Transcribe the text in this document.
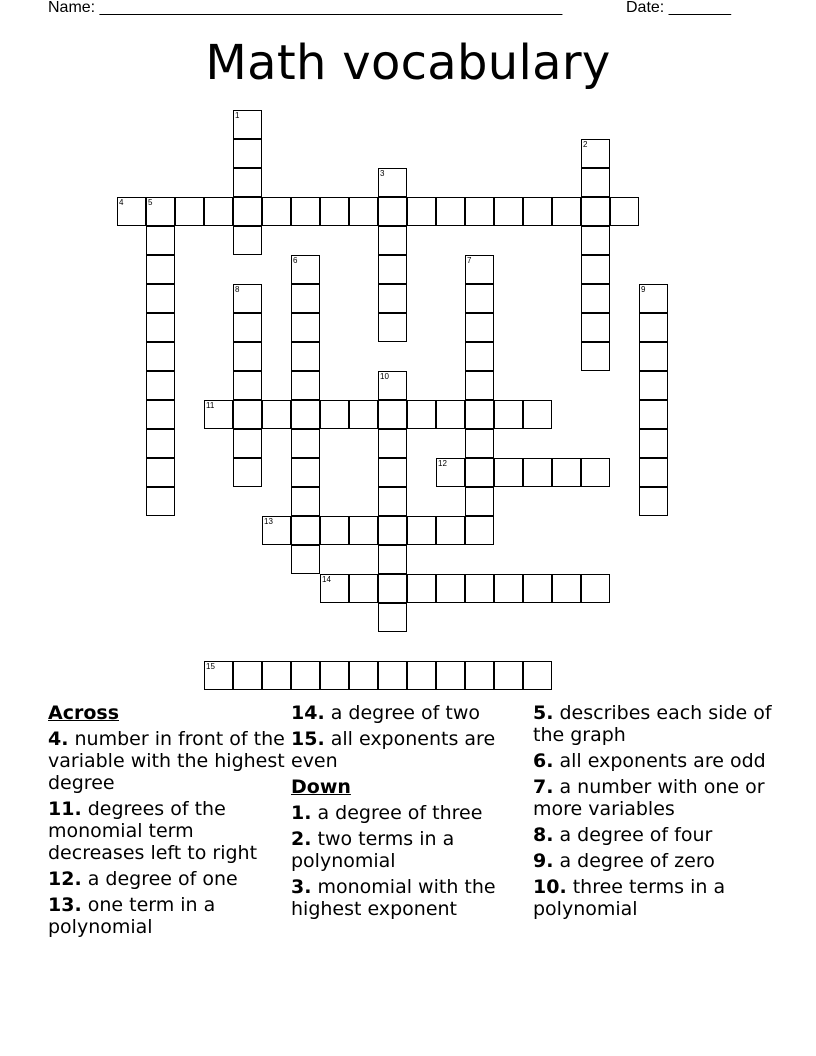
Name: ____________________________________________________	Date: _______
Math vocabulary
1
2
3
4	5
6	7
8	9
10
11
12
13
14
15
Across
4. number in front of the variable with the highest degree
11. degrees of the monomial term decreases left to right
12. a degree of one
13. one term in a polynomial
14. a degree of two
15. all exponents are even
Down
1. a degree of three
2. two terms in a polynomial
3. monomial with the highest exponent
5. describes each side of the graph
6. all exponents are odd
7. a number with one or more variables
8. a degree of four
9. a degree of zero
10. three terms in a polynomial
